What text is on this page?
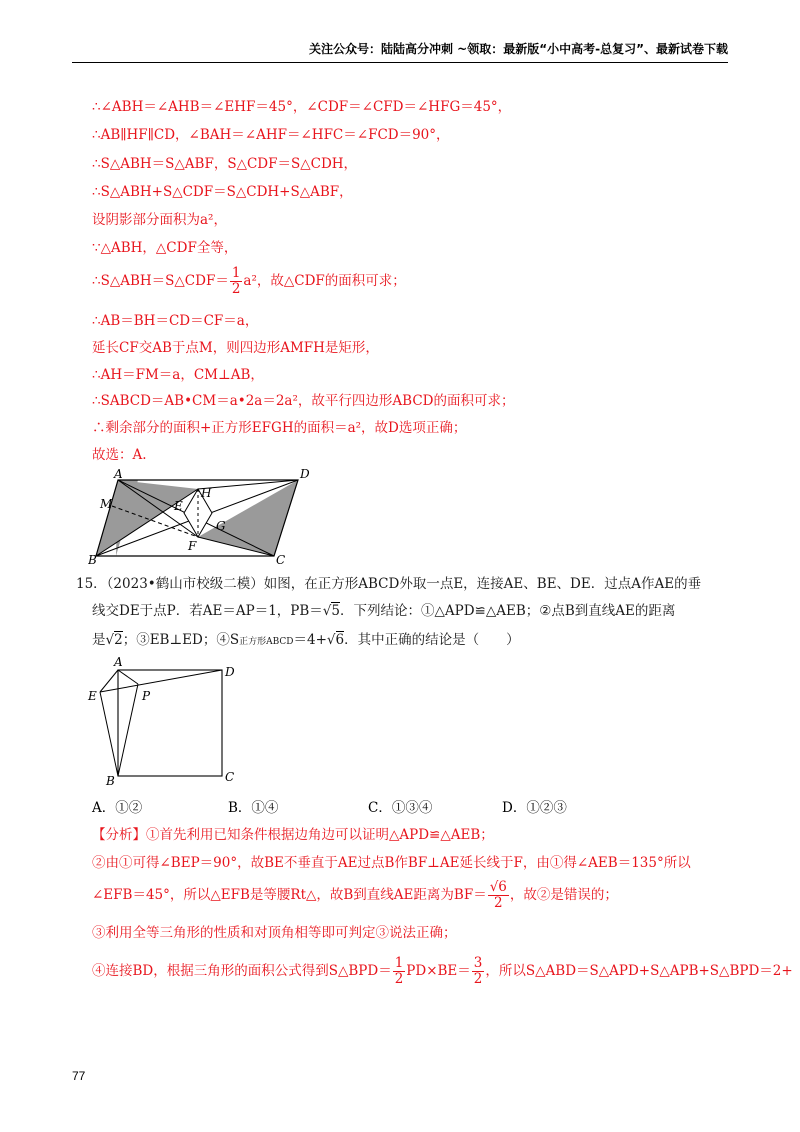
关注公众号：陆陆高分冲刺 ~领取：最新版“小中高考-总复习”、最新试卷下载
∴∠ABH＝∠AHB＝∠EHF＝45°，∠CDF＝∠CFD＝∠HFG＝45°，
∴AB∥HF∥CD，∠BAH＝∠AHF＝∠HFC＝∠FCD＝90°，
∴S△ABH＝S△ABF，S△CDF＝S△CDH，
∴S△ABH+S△CDF＝S△CDH+S△ABF，
设阴影部分面积为a²，
∵△ABH，△CDF全等，
∴S△ABH＝S△CDF＝ $\frac{1}{2} a^2$，故△CDF的面积可求；
∴AB＝BH＝CD＝CF＝a，
延长CF交AB于点M，则四边形AMFH是矩形，
∴AH＝FM＝a，CM⊥AB，
∴SABCD＝AB•CM＝a•2a＝2a²，故平行四边形ABCD的面积可求；
∴剩余部分的面积+正方形EFGH的面积＝a²，故D选项正确；
故选：A.
A	D
M	E
H
G
F
B	C
15．（2023•鹤山市校级二模）如图，在正方形ABCD外取一点E，连接AE、BE、DE．过点A作AE的垂
线交DE于点P．若AE＝AP＝1，PB＝√5．下列结论：①△APD≌△AEB；②点B到直线AE的距离
是√2；③EB⊥ED；④S正方形ABCD＝4+√6．其中正确的结论是（　　）
A
D
E	P
B	C
A．①②	B．①④	C．①③④	D．①②③
【分析】①首先利用已知条件根据边角边可以证明△APD≌△AEB；
②由①可得∠BEP＝90°，故BE不垂直于AE过点B作BF⊥AE延长线于F，由①得∠AEB＝135°所以
∠EFB＝45°，所以△EFB是等腰Rt△，故B到直线AE距离为$BF= \frac{√6}{2}$ ，故②是错误的；
③利用全等三角形的性质和对顶角相等即可判定③说法正确；
④连接BD，根据三角形的面积公式得到S△BPD＝ $\frac{1}{2} PD\times BE= \frac{3}{2}$ ，所以S△ABD＝S△APD+S△APB+S△BPD＝2+
77
